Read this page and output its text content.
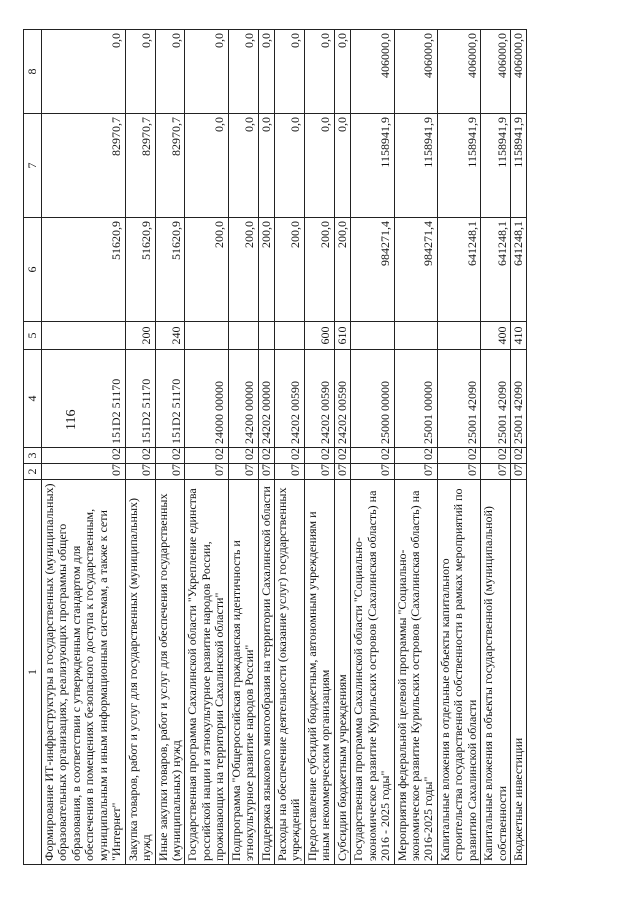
116
1	2	3	4	5	6	7	8
Формирование ИТ-инфраструктуры в государственных (муниципальных) образовательных организациях, реализующих программы общего образования, в соответствии с утвержденным стандартом для обеспечения в помещениях безопасного доступа к государственным, муниципальным и иным информационным системам, а также к сети "Интернет"	07	02	151D2 51170		51620,9	82970,7	0,0
Закупка товаров, работ и услуг для государственных (муниципальных) нужд	07	02	151D2 51170	200	51620,9	82970,7	0,0
Иные закупки товаров, работ и услуг для обеспечения государственных (муниципальных) нужд	07	02	151D2 51170	240	51620,9	82970,7	0,0
Государственная программа Сахалинской области "Укрепление единства российской нации и этнокультурное развитие народов России, проживающих на территории Сахалинской области"	07	02	24000 00000		200,0	0,0	0,0
Подпрограмма "Общероссийская гражданская идентичность и этнокультурное развитие народов России"	07	02	24200 00000		200,0	0,0	0,0
Поддержка языкового многообразия на территории Сахалинской области	07	02	24202 00000		200,0	0,0	0,0
Расходы на обеспечение деятельности (оказание услуг) государственных учреждений	07	02	24202 00590		200,0	0,0	0,0
Предоставление субсидий бюджетным, автономным учреждениям и иным некоммерческим организациям	07	02	24202 00590	600	200,0	0,0	0,0
Субсидии бюджетным учреждениям	07	02	24202 00590	610	200,0	0,0	0,0
Государственная программа Сахалинской области "Социально-экономическое развитие Курильских островов (Сахалинская область) на 2016 - 2025 годы"	07	02	25000 00000		984271,4	1158941,9	406000,0
Мероприятия федеральной целевой программы "Социально-экономическое развитие Курильских островов (Сахалинская область) на 2016-2025 годы"	07	02	25001 00000		984271,4	1158941,9	406000,0
Капитальные вложения в отдельные объекты капитального строительства государственной собственности в рамках мероприятий по развитию Сахалинской области	07	02	25001 42090		641248,1	1158941,9	406000,0
Капитальные вложения в объекты государственной (муниципальной) собственности	07	02	25001 42090	400	641248,1	1158941,9	406000,0
Бюджетные инвестиции	07	02	25001 42090	410	641248,1	1158941,9	406000,0
